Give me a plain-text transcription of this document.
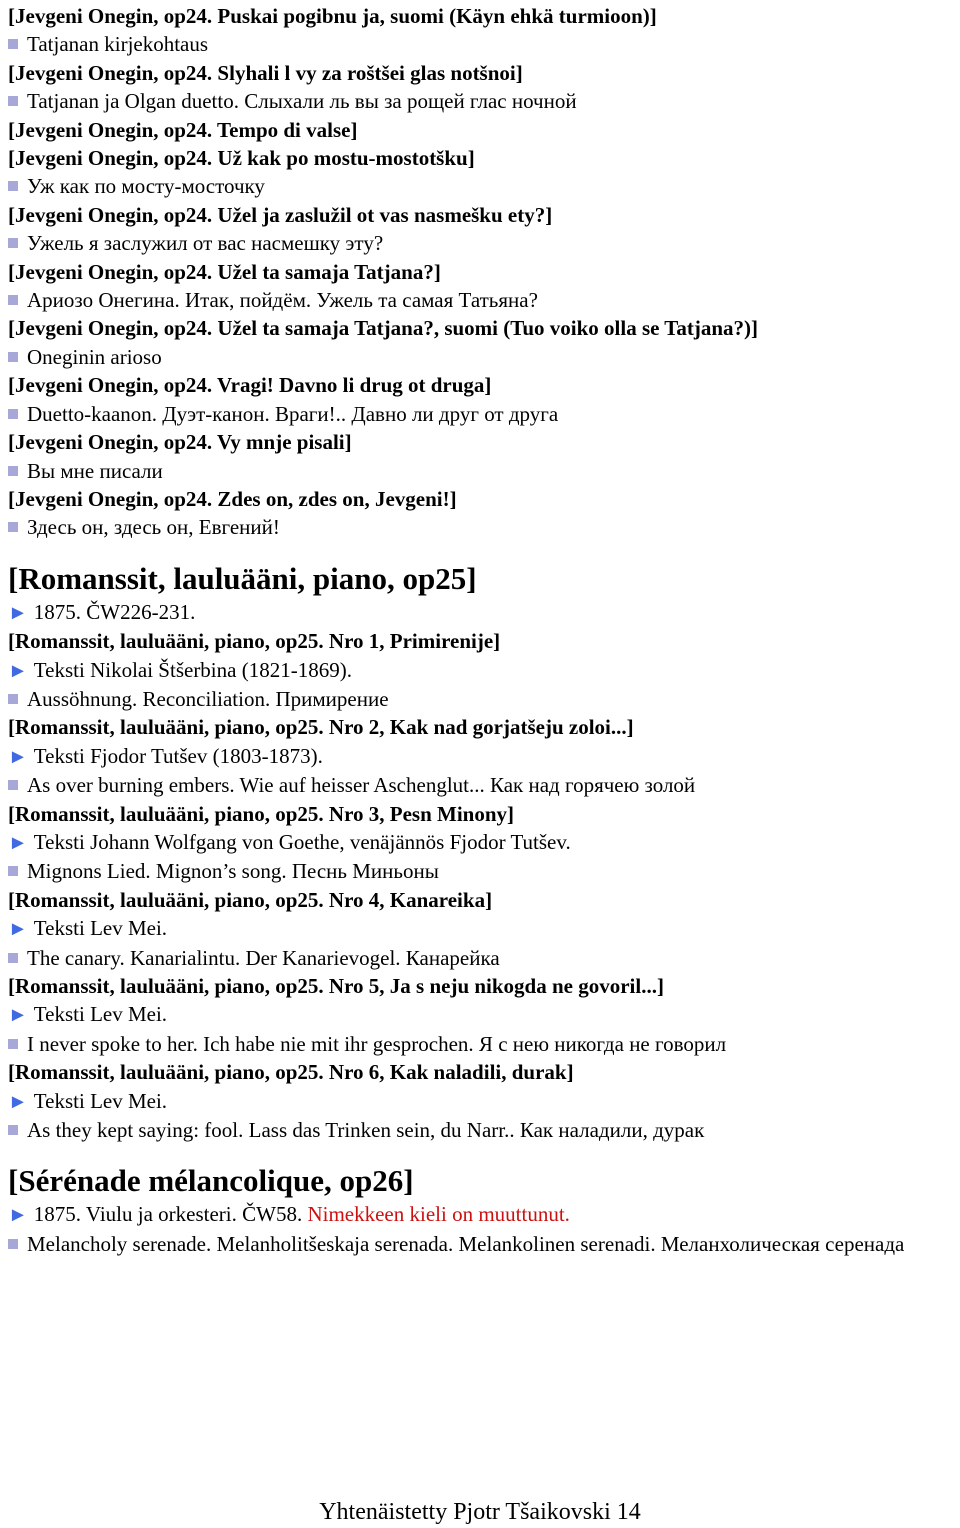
[Jevgeni Onegin, op24. Puskai pogibnu ja, suomi (Käyn ehkä turmioon)]
Tatjanan kirjekohtaus
[Jevgeni Onegin, op24. Slyhali l vy za roštšei glas notšnoi]
Tatjanan ja Olgan duetto. Слыхали ль вы за рощей глас ночной
[Jevgeni Onegin, op24. Tempo di valse]
[Jevgeni Onegin, op24. Už kak po mostu-mostotšku]
Уж как по мосту-мосточку
[Jevgeni Onegin, op24. Užel ja zaslužil ot vas nasmešku ety?]
Ужель я заслужил от вас насмешку эту?
[Jevgeni Onegin, op24. Užel ta samaja Tatjana?]
Ариозо Онегина. Итак, пойдём. Ужель та самая Татьяна?
[Jevgeni Onegin, op24. Užel ta samaja Tatjana?, suomi (Tuo voiko olla se Tatjana?)]
Oneginin arioso
[Jevgeni Onegin, op24. Vragi! Davno li drug ot druga]
Duetto-kaanon. Дуэт-канон. Враги!.. Давно ли друг от друга
[Jevgeni Onegin, op24. Vy mnje pisali]
Вы мне писали
[Jevgeni Onegin, op24. Zdes on, zdes on, Jevgeni!]
Здесь он, здесь он, Евгений!
[Romanssit, lauluääni, piano, op25]
► 1875. ČW226-231.
[Romanssit, lauluääni, piano, op25. Nro 1, Primirenije]
► Teksti Nikolai Štšerbina (1821-1869).
Aussöhnung. Reconciliation. Примирение
[Romanssit, lauluääni, piano, op25. Nro 2, Kak nad gorjatšeju zoloi...]
► Teksti Fjodor Tutšev (1803-1873).
As over burning embers. Wie auf heisser Aschenglut... Как над горячею золой
[Romanssit, lauluääni, piano, op25. Nro 3, Pesn Minony]
► Teksti Johann Wolfgang von Goethe, venäjännös Fjodor Tutšev.
Mignons Lied. Mignon’s song. Песнь Миньоны
[Romanssit, lauluääni, piano, op25. Nro 4, Kanareika]
► Teksti Lev Mei.
The canary. Kanarialintu. Der Kanarievogel. Канарейка
[Romanssit, lauluääni, piano, op25. Nro 5, Ja s neju nikogda ne govoril...]
► Teksti Lev Mei.
I never spoke to her. Ich habe nie mit ihr gesprochen. Я с нею никогда не говорил
[Romanssit, lauluääni, piano, op25. Nro 6, Kak naladili, durak]
► Teksti Lev Mei.
As they kept saying: fool. Lass das Trinken sein, du Narr.. Как наладили, дурак
[Sérénade mélancolique, op26]
► 1875. Viulu ja orkesteri. ČW58. Nimekkeen kieli on muuttunut.
Melancholy serenade. Melanholitšeskaja serenada. Melankolinen serenadi. Меланхолическая серенада
Yhtenäistetty Pjotr Tšaikovski 14
